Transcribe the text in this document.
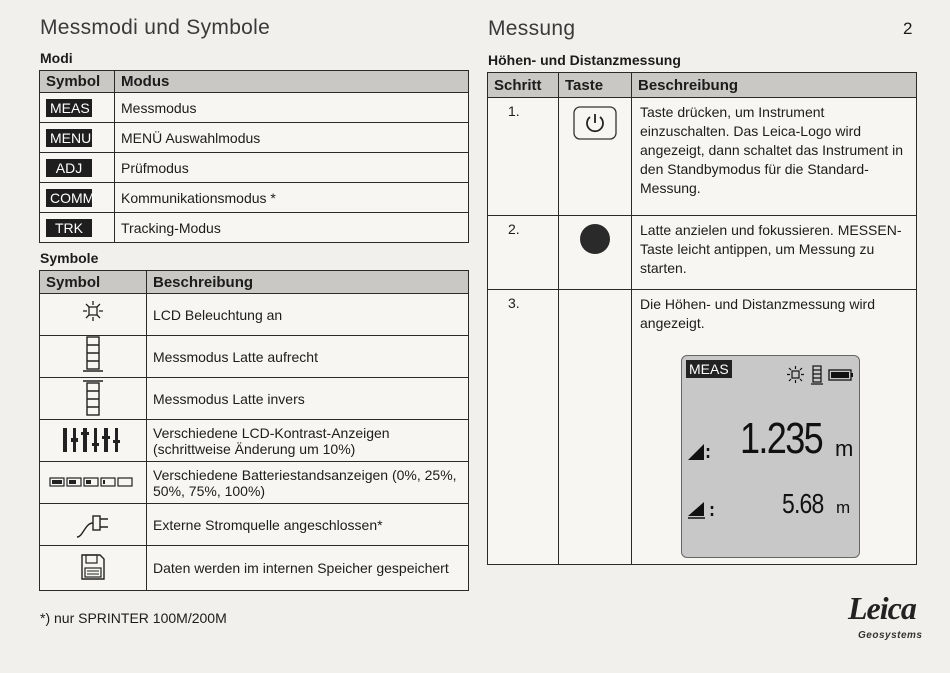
Messmodi und Symbole
Modi
Symbol	Modus
MEAS	Messmodus
MENU	MENÜ Auswahlmodus
ADJ	Prüfmodus
COMM	Kommunikationsmodus *
TRK	Tracking-Modus
Symbole
Symbol	Beschreibung
	LCD Beleuchtung an
	Messmodus Latte aufrecht
	Messmodus Latte invers
	Verschiedene LCD-Kontrast-Anzeigen (schrittweise Änderung um 10%)
	Verschiedene Batteriestandsanzeigen (0%, 25%, 50%, 75%, 100%)
	Externe Stromquelle angeschlossen*
	Daten werden im internen Speicher gespeichert
*) nur SPRINTER 100M/200M
Messung	2
Höhen- und Distanzmessung
Schritt	Taste	Beschreibung
1.		Taste drücken, um Instrument einzuschalten. Das Leica-Logo wird angezeigt, dann schaltet das Instrument in den Standbymodus für die Standard-Messung.
2.		Latte anzielen und fokussieren. MESSEN-Taste leicht antippen, um Messung zu starten.
3.		Die Höhen- und Distanzmessung wird angezeigt.
MEAS
1.235 m
5.68 m
Leica
Geosystems
